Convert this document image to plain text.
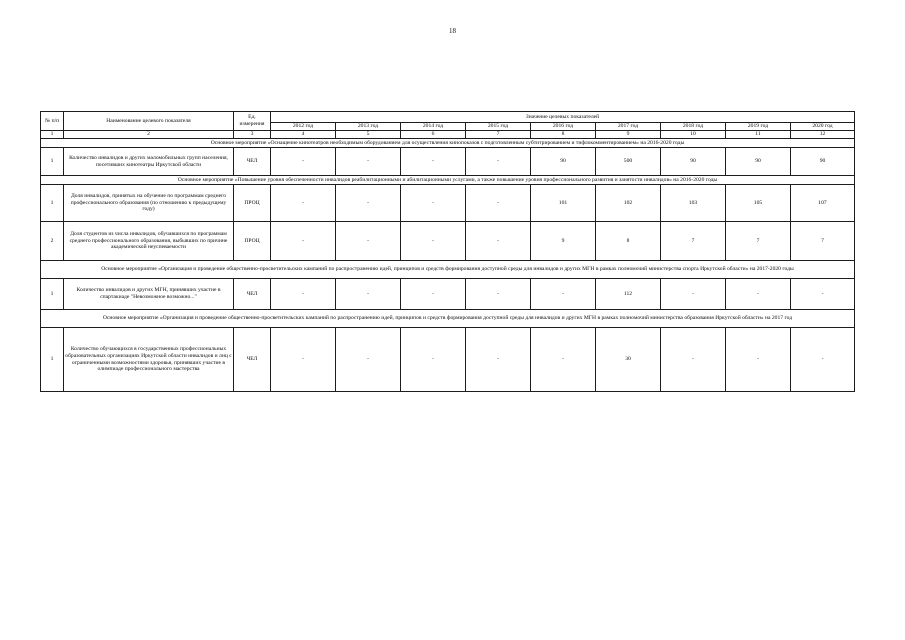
18
№ п/п	Наименование целевого показателя	Ед. измерения	Значение целевых показателей								
			2012 год	2013 год	2014 год	2015 год	2016 год	2017 год	2018 год	2019 год	2020 год
1	2	3	4	5	6	7	8	9	10	11	12
Основное мероприятие «Оснащение кинотеатров необходимым оборудованием для осуществления кинопоказов с подготовленным субтитрированием и тифлокомментированием» на 2016-2020 годы											
1	Количество инвалидов и других маломобильных групп населения, посетивших кинотеатры Иркутской области	ЧЕЛ	-	-	-	-	90	500	90	90	90
Основное мероприятие «Повышение уровня обеспеченности инвалидов реабилитационными и абилитационными услугами, а также повышение уровня профессионального развития и занятости инвалидов» на 2016-2020 годы											
1	Доля инвалидов, принятых на обучение по программам среднего профессионального образования (по отношению к предыдущему году)	ПРОЦ	-	-	-	-	101	102	103	105	107
2	Доля студентов из числа инвалидов, обучавшихся по программам среднего профессионального образования, выбывших по причине академической неуспеваемости	ПРОЦ	-	-	-	-	9	8	7	7	7
Основное мероприятие «Организация и проведение общественно-просветительских кампаний по распространению идей, принципов и средств формирования доступной среды для инвалидов и других МГН в рамках полномочий министерства спорта Иркутской области» на 2017-2020 годы											
1	Количество инвалидов и других МГН, принявших участие в спартакиаде "Невозможное возможно..."	ЧЕЛ	-	-	-	-	-	112	-	-	-
Основное мероприятие «Организация и проведение общественно-просветительских кампаний по распространению идей, принципов и средств формирования доступной среды для инвалидов и других МГН в рамках полномочий министерства образования Иркутской области» на 2017 год											
1	Количество обучающихся в государственных профессиональных образовательных организациях Иркутской области инвалидов и лиц с ограниченными возможностями здоровья, принявших участие в олимпиаде профессионального мастерства	ЧЕЛ	-	-	-	-	-	30	-	-	-
